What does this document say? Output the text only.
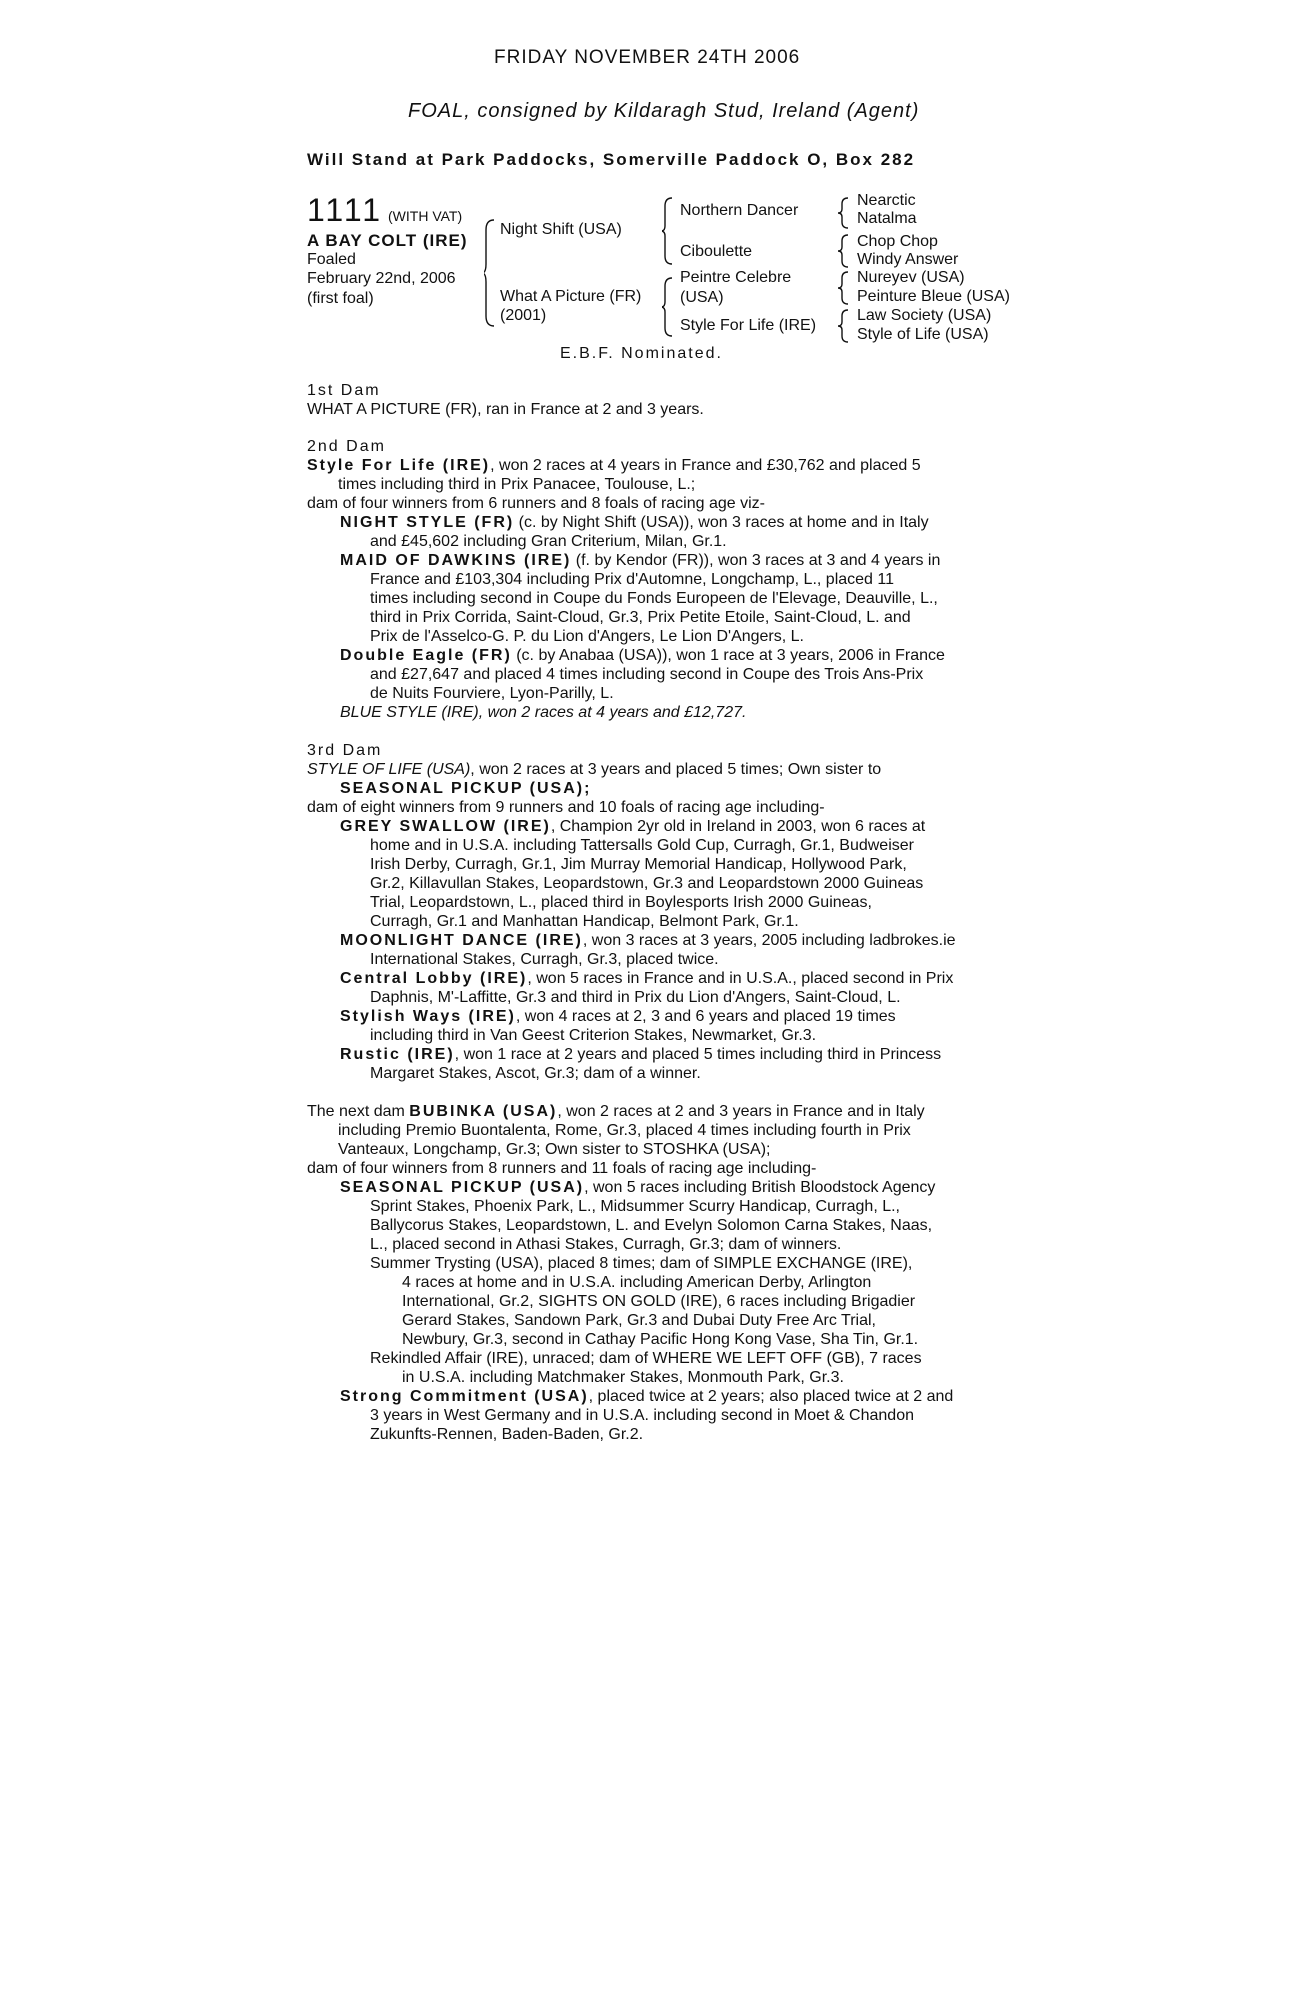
FRIDAY NOVEMBER 24TH 2006
FOAL, consigned by Kildaragh Stud, Ireland (Agent)
Will Stand at Park Paddocks, Somerville Paddock O, Box 282
1111 (WITH VAT)
A BAY COLT (IRE)
Foaled
February 22nd, 2006
(first foal)
Night Shift (USA)
What A Picture (FR)
(2001)
Northern Dancer
Ciboulette
Peintre Celebre
(USA)
Style For Life (IRE)
Nearctic
Natalma
Chop Chop
Windy Answer
Nureyev (USA)
Peinture Bleue (USA)
Law Society (USA)
Style of Life (USA)
E.B.F. Nominated.
1st Dam
WHAT A PICTURE (FR), ran in France at 2 and 3 years.
2nd Dam
Style For Life (IRE), won 2 races at 4 years in France and £30,762 and placed 5
times including third in Prix Panacee, Toulouse, L.;
dam of four winners from 6 runners and 8 foals of racing age viz-
NIGHT STYLE (FR) (c. by Night Shift (USA)), won 3 races at home and in Italy
and £45,602 including Gran Criterium, Milan, Gr.1.
MAID OF DAWKINS (IRE) (f. by Kendor (FR)), won 3 races at 3 and 4 years in
France and £103,304 including Prix d'Automne, Longchamp, L., placed 11
times including second in Coupe du Fonds Europeen de l'Elevage, Deauville, L.,
third in Prix Corrida, Saint-Cloud, Gr.3, Prix Petite Etoile, Saint-Cloud, L. and
Prix de l'Asselco-G. P. du Lion d'Angers, Le Lion D'Angers, L.
Double Eagle (FR) (c. by Anabaa (USA)), won 1 race at 3 years, 2006 in France
and £27,647 and placed 4 times including second in Coupe des Trois Ans-Prix
de Nuits Fourviere, Lyon-Parilly, L.
BLUE STYLE (IRE), won 2 races at 4 years and £12,727.
3rd Dam
STYLE OF LIFE (USA), won 2 races at 3 years and placed 5 times; Own sister to
SEASONAL PICKUP (USA);
dam of eight winners from 9 runners and 10 foals of racing age including-
GREY SWALLOW (IRE), Champion 2yr old in Ireland in 2003, won 6 races at
home and in U.S.A. including Tattersalls Gold Cup, Curragh, Gr.1, Budweiser
Irish Derby, Curragh, Gr.1, Jim Murray Memorial Handicap, Hollywood Park,
Gr.2, Killavullan Stakes, Leopardstown, Gr.3 and Leopardstown 2000 Guineas
Trial, Leopardstown, L., placed third in Boylesports Irish 2000 Guineas,
Curragh, Gr.1 and Manhattan Handicap, Belmont Park, Gr.1.
MOONLIGHT DANCE (IRE), won 3 races at 3 years, 2005 including ladbrokes.ie
International Stakes, Curragh, Gr.3, placed twice.
Central Lobby (IRE), won 5 races in France and in U.S.A., placed second in Prix
Daphnis, M'-Laffitte, Gr.3 and third in Prix du Lion d'Angers, Saint-Cloud, L.
Stylish Ways (IRE), won 4 races at 2, 3 and 6 years and placed 19 times
including third in Van Geest Criterion Stakes, Newmarket, Gr.3.
Rustic (IRE), won 1 race at 2 years and placed 5 times including third in Princess
Margaret Stakes, Ascot, Gr.3; dam of a winner.
The next dam BUBINKA (USA), won 2 races at 2 and 3 years in France and in Italy
including Premio Buontalenta, Rome, Gr.3, placed 4 times including fourth in Prix
Vanteaux, Longchamp, Gr.3; Own sister to STOSHKA (USA);
dam of four winners from 8 runners and 11 foals of racing age including-
SEASONAL PICKUP (USA), won 5 races including British Bloodstock Agency
Sprint Stakes, Phoenix Park, L., Midsummer Scurry Handicap, Curragh, L.,
Ballycorus Stakes, Leopardstown, L. and Evelyn Solomon Carna Stakes, Naas,
L., placed second in Athasi Stakes, Curragh, Gr.3; dam of winners.
Summer Trysting (USA), placed 8 times; dam of SIMPLE EXCHANGE (IRE),
4 races at home and in U.S.A. including American Derby, Arlington
International, Gr.2, SIGHTS ON GOLD (IRE), 6 races including Brigadier
Gerard Stakes, Sandown Park, Gr.3 and Dubai Duty Free Arc Trial,
Newbury, Gr.3, second in Cathay Pacific Hong Kong Vase, Sha Tin, Gr.1.
Rekindled Affair (IRE), unraced; dam of WHERE WE LEFT OFF (GB), 7 races
in U.S.A. including Matchmaker Stakes, Monmouth Park, Gr.3.
Strong Commitment (USA), placed twice at 2 years; also placed twice at 2 and
3 years in West Germany and in U.S.A. including second in Moet & Chandon
Zukunfts-Rennen, Baden-Baden, Gr.2.
